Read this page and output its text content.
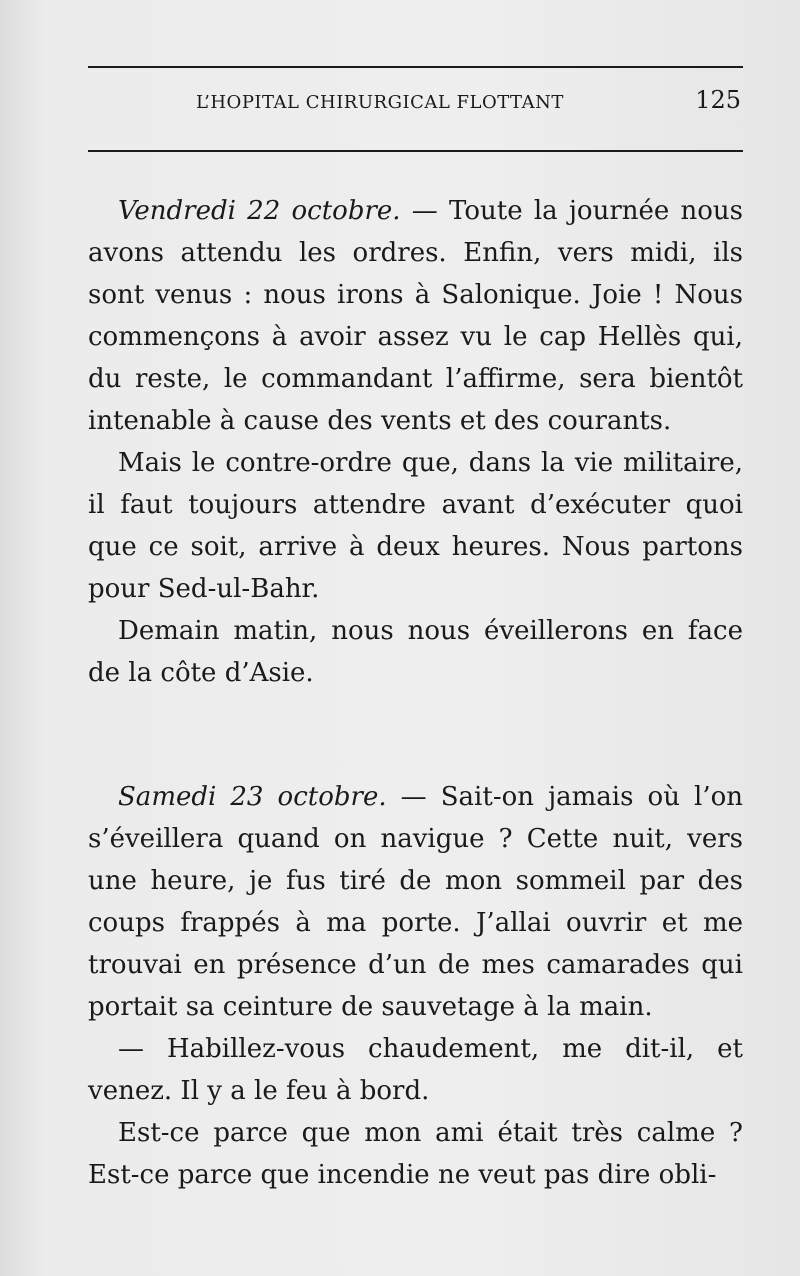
L’HOPITAL CHIRURGICAL FLOTTANT	125

Vendredi 22 octobre. — Toute la journée nous avons attendu les ordres. Enfin, vers midi, ils sont venus : nous irons à Salonique. Joie ! Nous commençons à avoir assez vu le cap Hellès qui, du reste, le commandant l’affirme, sera bientôt intenable à cause des vents et des courants.

Mais le contre-ordre que, dans la vie militaire, il faut toujours attendre avant d’exécuter quoi que ce soit, arrive à deux heures. Nous partons pour Sed-ul-Bahr.

Demain matin, nous nous éveillerons en face de la côte d’Asie.

Samedi 23 octobre. — Sait-on jamais où l’on s’éveillera quand on navigue ? Cette nuit, vers une heure, je fus tiré de mon sommeil par des coups frappés à ma porte. J’allai ouvrir et me trouvai en présence d’un de mes camarades qui portait sa ceinture de sauvetage à la main.

— Habillez-vous chaudement, me dit-il, et venez. Il y a le feu à bord.

Est-ce parce que mon ami était très calme ? Est-ce parce que incendie ne veut pas dire obli-
